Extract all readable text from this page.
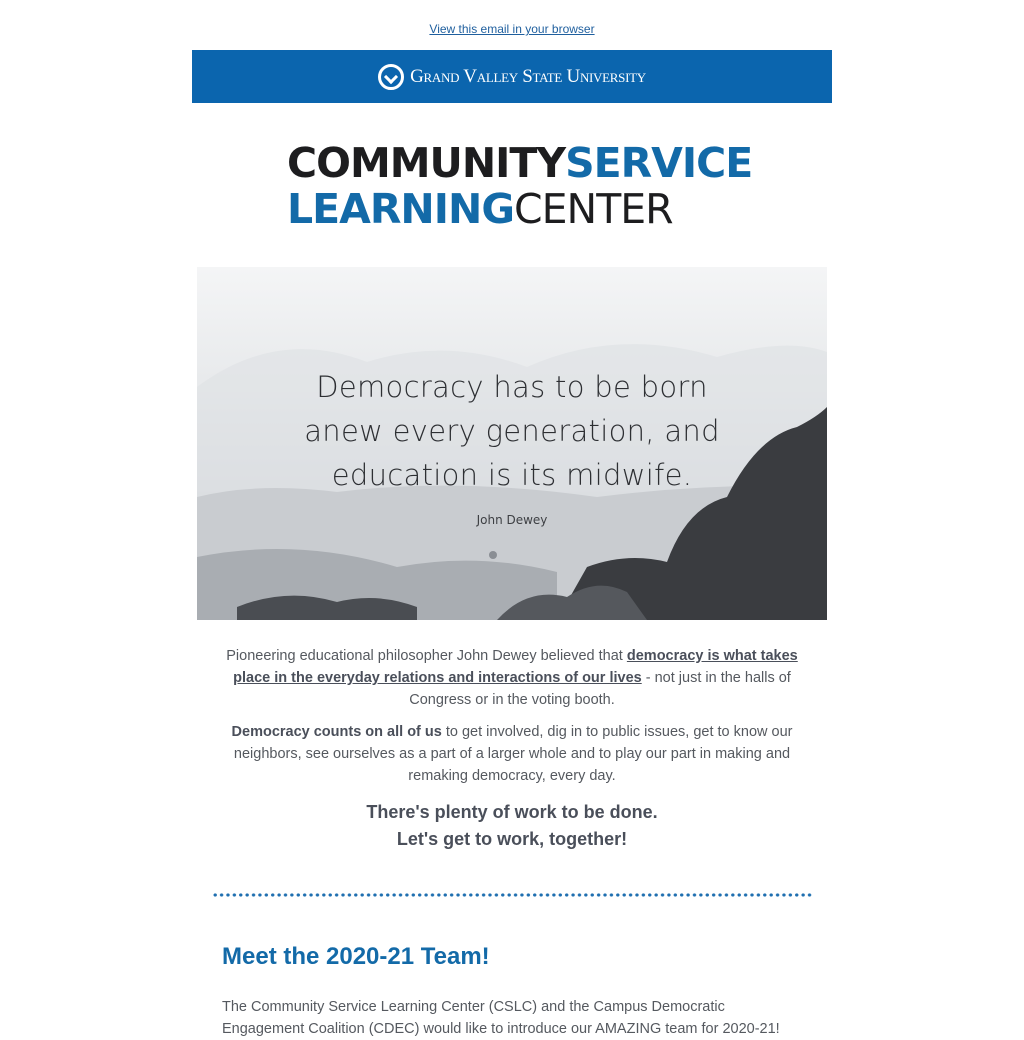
View this email in your browser
Grand Valley State University
COMMUNITYSERVICE
LEARNINGCENTER
Democracy has to be born
anew every generation, and
education is its midwife.
John Dewey
Pioneering educational philosopher John Dewey believed that democracy is what takes place in the everyday relations and interactions of our lives - not just in the halls of Congress or in the voting booth.
Democracy counts on all of us to get involved, dig in to public issues, get to know our neighbors, see ourselves as a part of a larger whole and to play our part in making and remaking democracy, every day.
There's plenty of work to be done.
Let's get to work, together!
Meet the 2020-21 Team!
The Community Service Learning Center (CSLC) and the Campus Democratic Engagement Coalition (CDEC) would like to introduce our AMAZING team for 2020-21!
